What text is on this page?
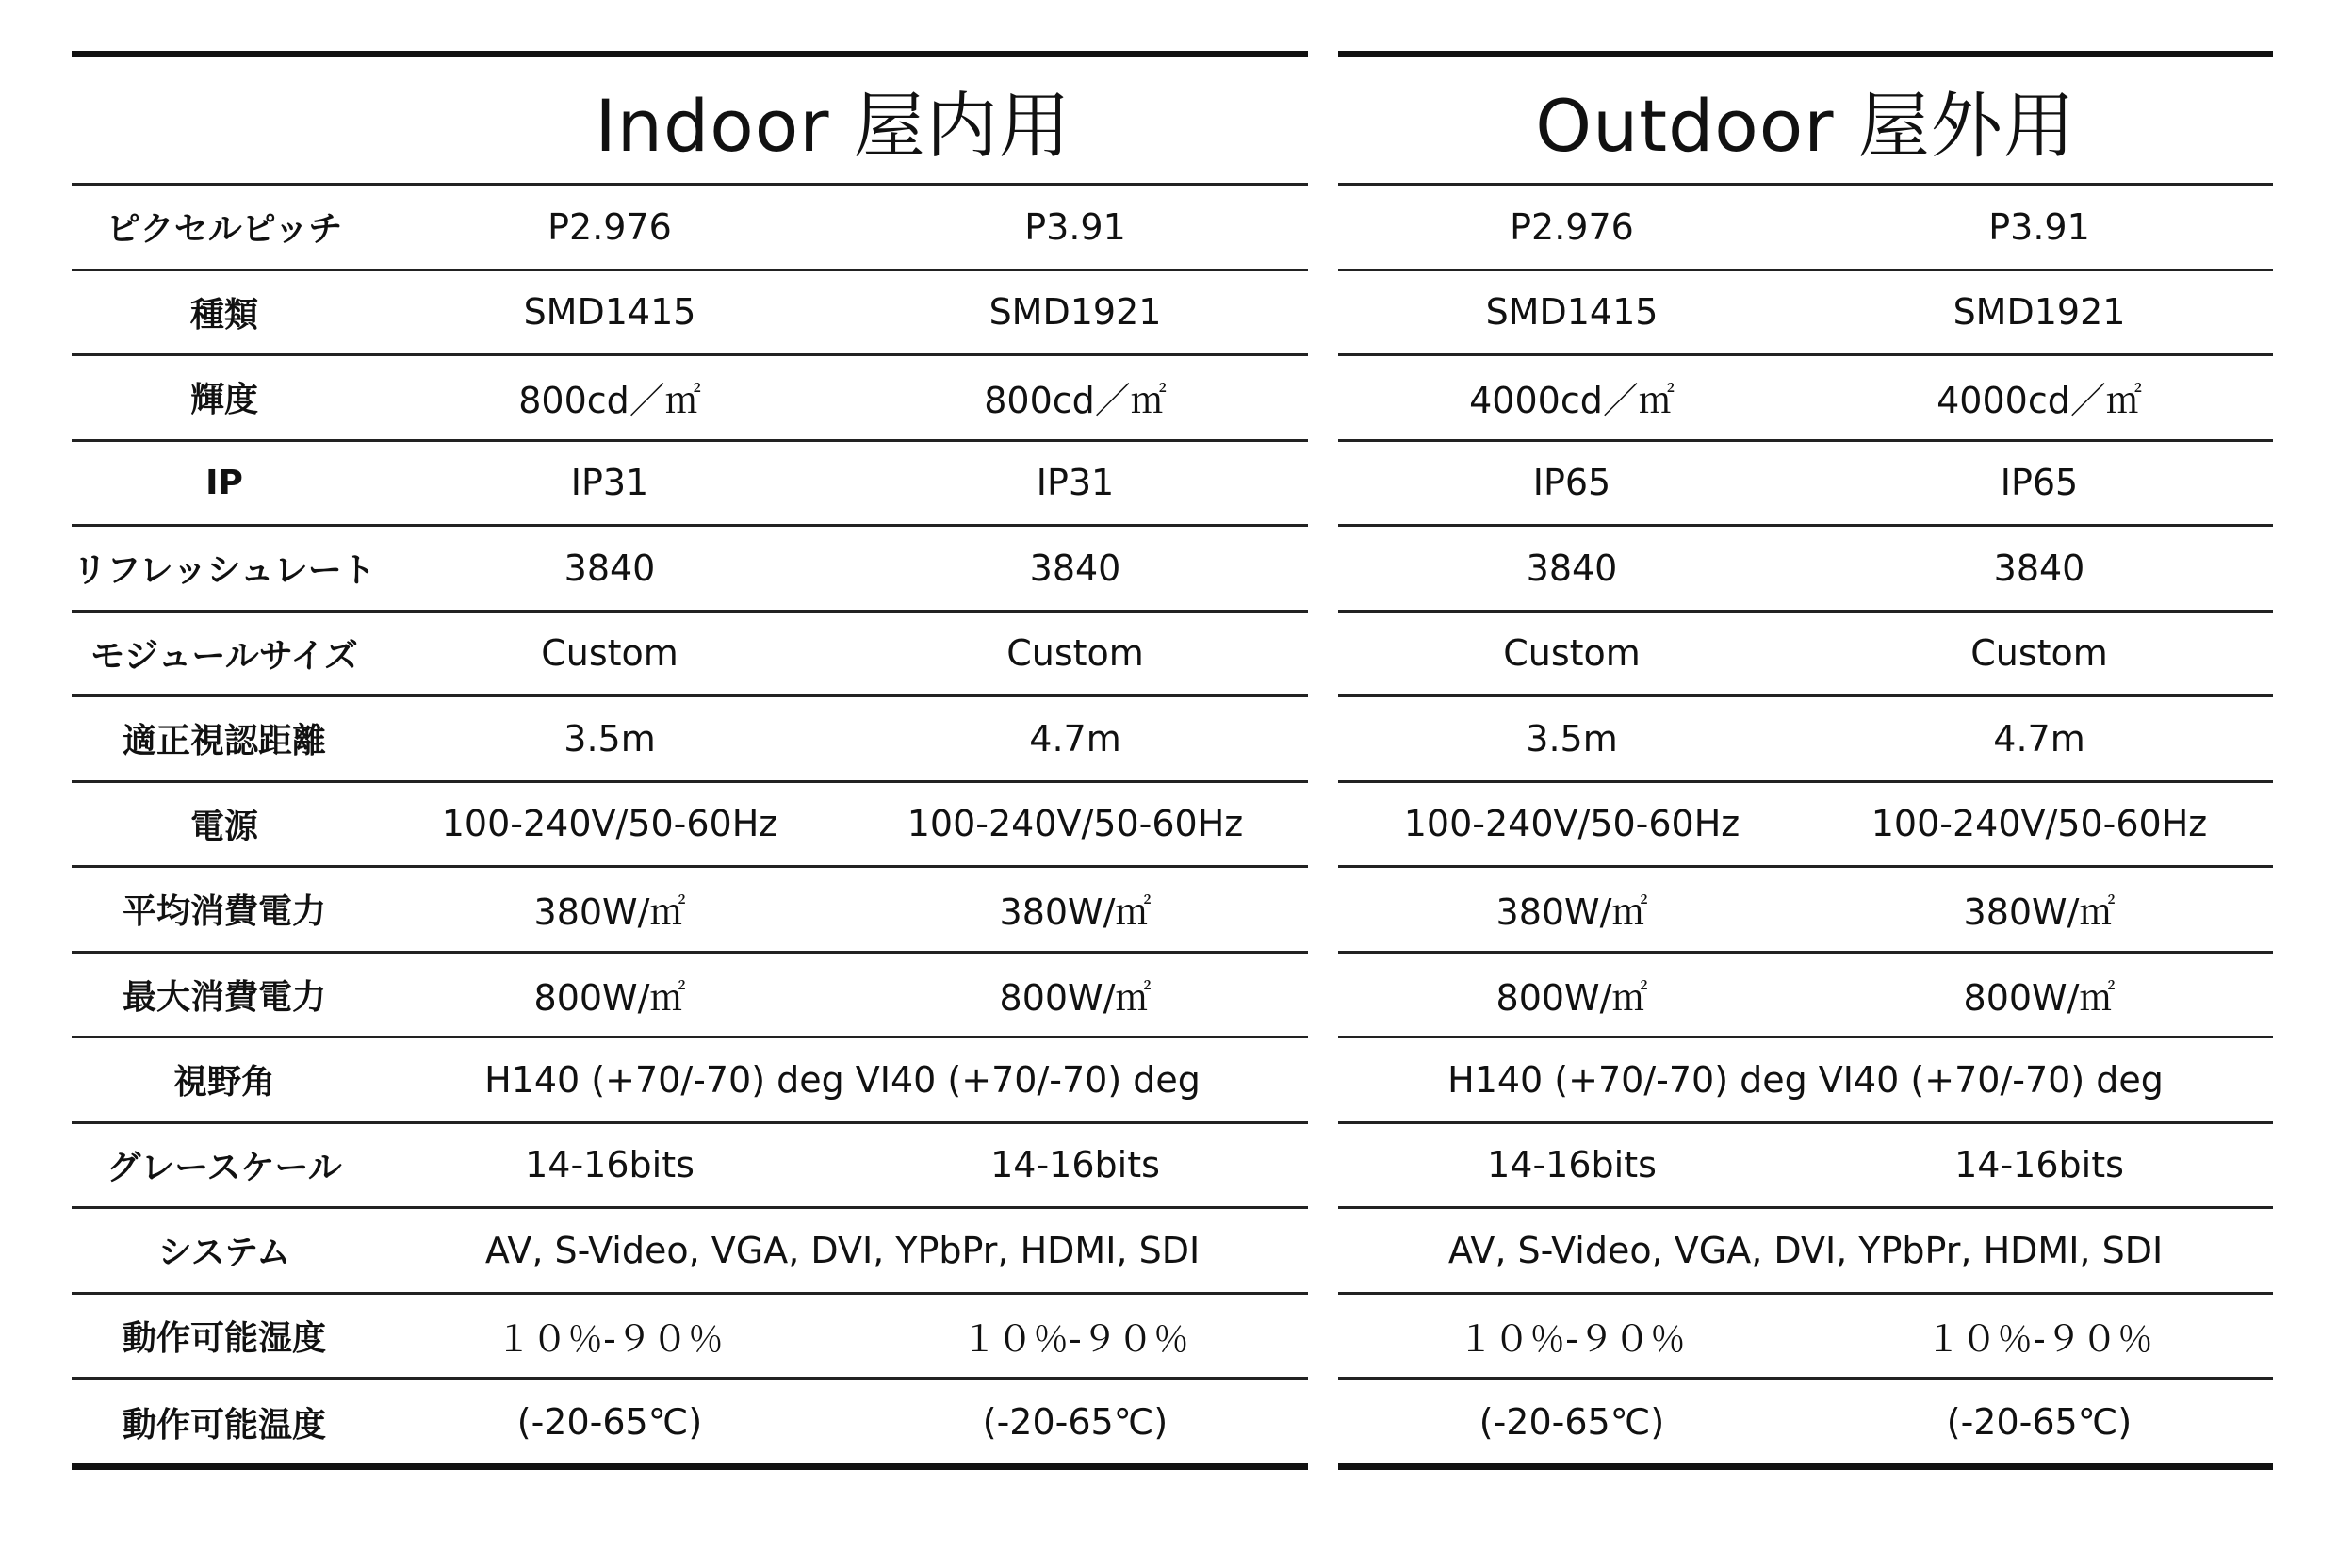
Indoor 屋内用
ピクセルピッチ	P2.976	P3.91
種類	SMD1415	SMD1921
輝度	800cd／㎡	800cd／㎡
IP	IP31	IP31
リフレッシュレート	3840	3840
モジュールサイズ	Custom	Custom
適正視認距離	3.5m	4.7m
電源	100-240V/50-60Hz	100-240V/50-60Hz
平均消費電力	380W/㎡	380W/㎡
最大消費電力	800W/㎡	800W/㎡
視野角	H140 (+70/-70) deg VI40 (+70/-70) deg
グレースケール	14-16bits	14-16bits
システム	AV, S-Video, VGA, DVI, YPbPr, HDMI, SDI
動作可能湿度	１０％-９０％	１０％-９０％
動作可能温度	(-20-65℃)	(-20-65℃)
Outdoor 屋外用
P2.976	P3.91
SMD1415	SMD1921
4000cd／㎡	4000cd／㎡
IP65	IP65
3840	3840
Custom	Custom
3.5m	4.7m
100-240V/50-60Hz	100-240V/50-60Hz
380W/㎡	380W/㎡
800W/㎡	800W/㎡
H140 (+70/-70) deg VI40 (+70/-70) deg
14-16bits	14-16bits
AV, S-Video, VGA, DVI, YPbPr, HDMI, SDI
１０％-９０％	１０％-９０％
(-20-65℃)	(-20-65℃)
